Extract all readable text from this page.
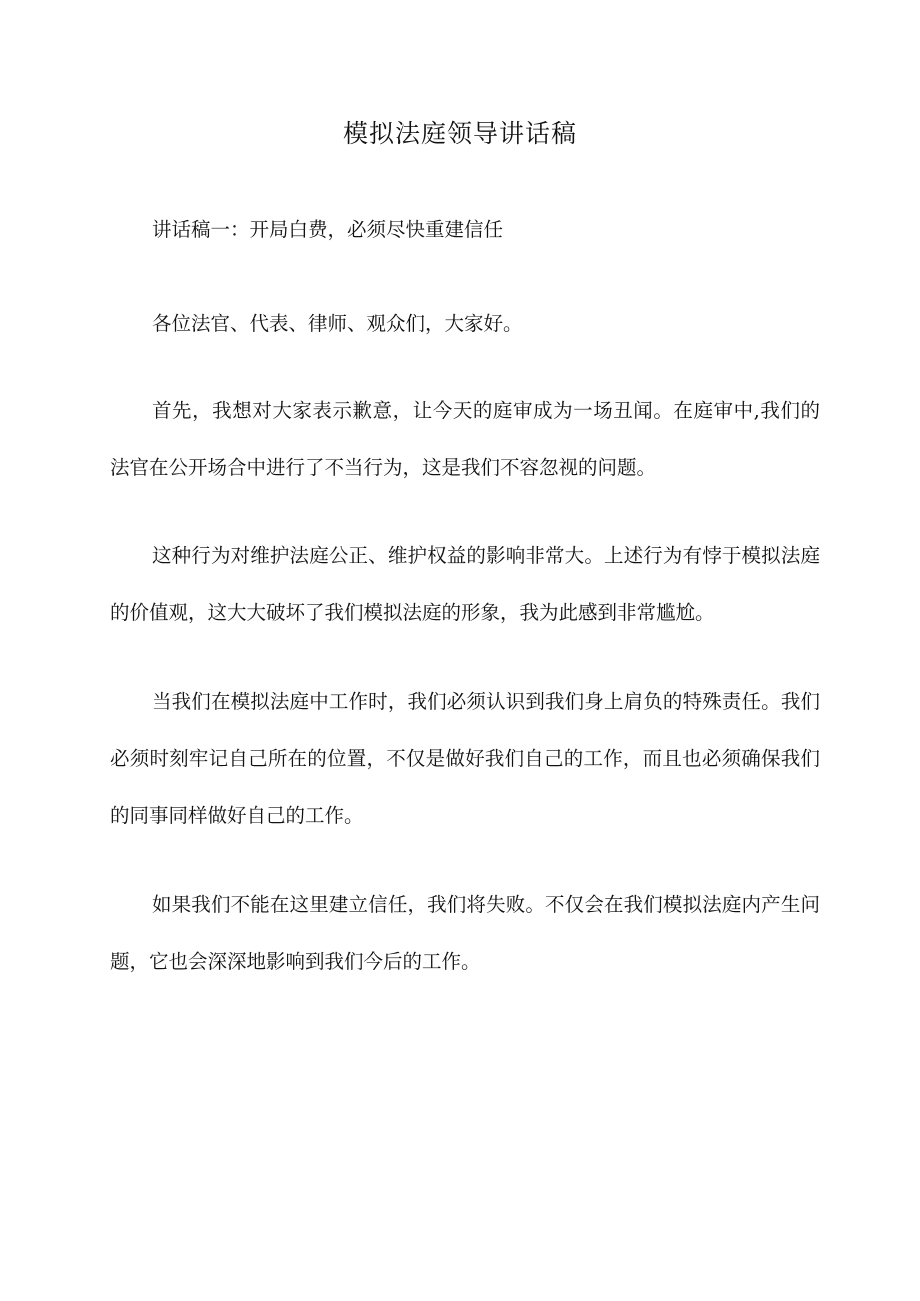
模拟法庭领导讲话稿

讲话稿一：开局白费，必须尽快重建信任

各位法官、代表、律师、观众们，大家好。

首先，我想对大家表示歉意，让今天的庭审成为一场丑闻。在庭审中,我们的法官在公开场合中进行了不当行为，这是我们不容忽视的问题。

这种行为对维护法庭公正、维护权益的影响非常大。上述行为有悖于模拟法庭的价值观，这大大破坏了我们模拟法庭的形象，我为此感到非常尴尬。

当我们在模拟法庭中工作时，我们必须认识到我们身上肩负的特殊责任。我们必须时刻牢记自己所在的位置，不仅是做好我们自己的工作，而且也必须确保我们的同事同样做好自己的工作。

如果我们不能在这里建立信任，我们将失败。不仅会在我们模拟法庭内产生问题，它也会深深地影响到我们今后的工作。
